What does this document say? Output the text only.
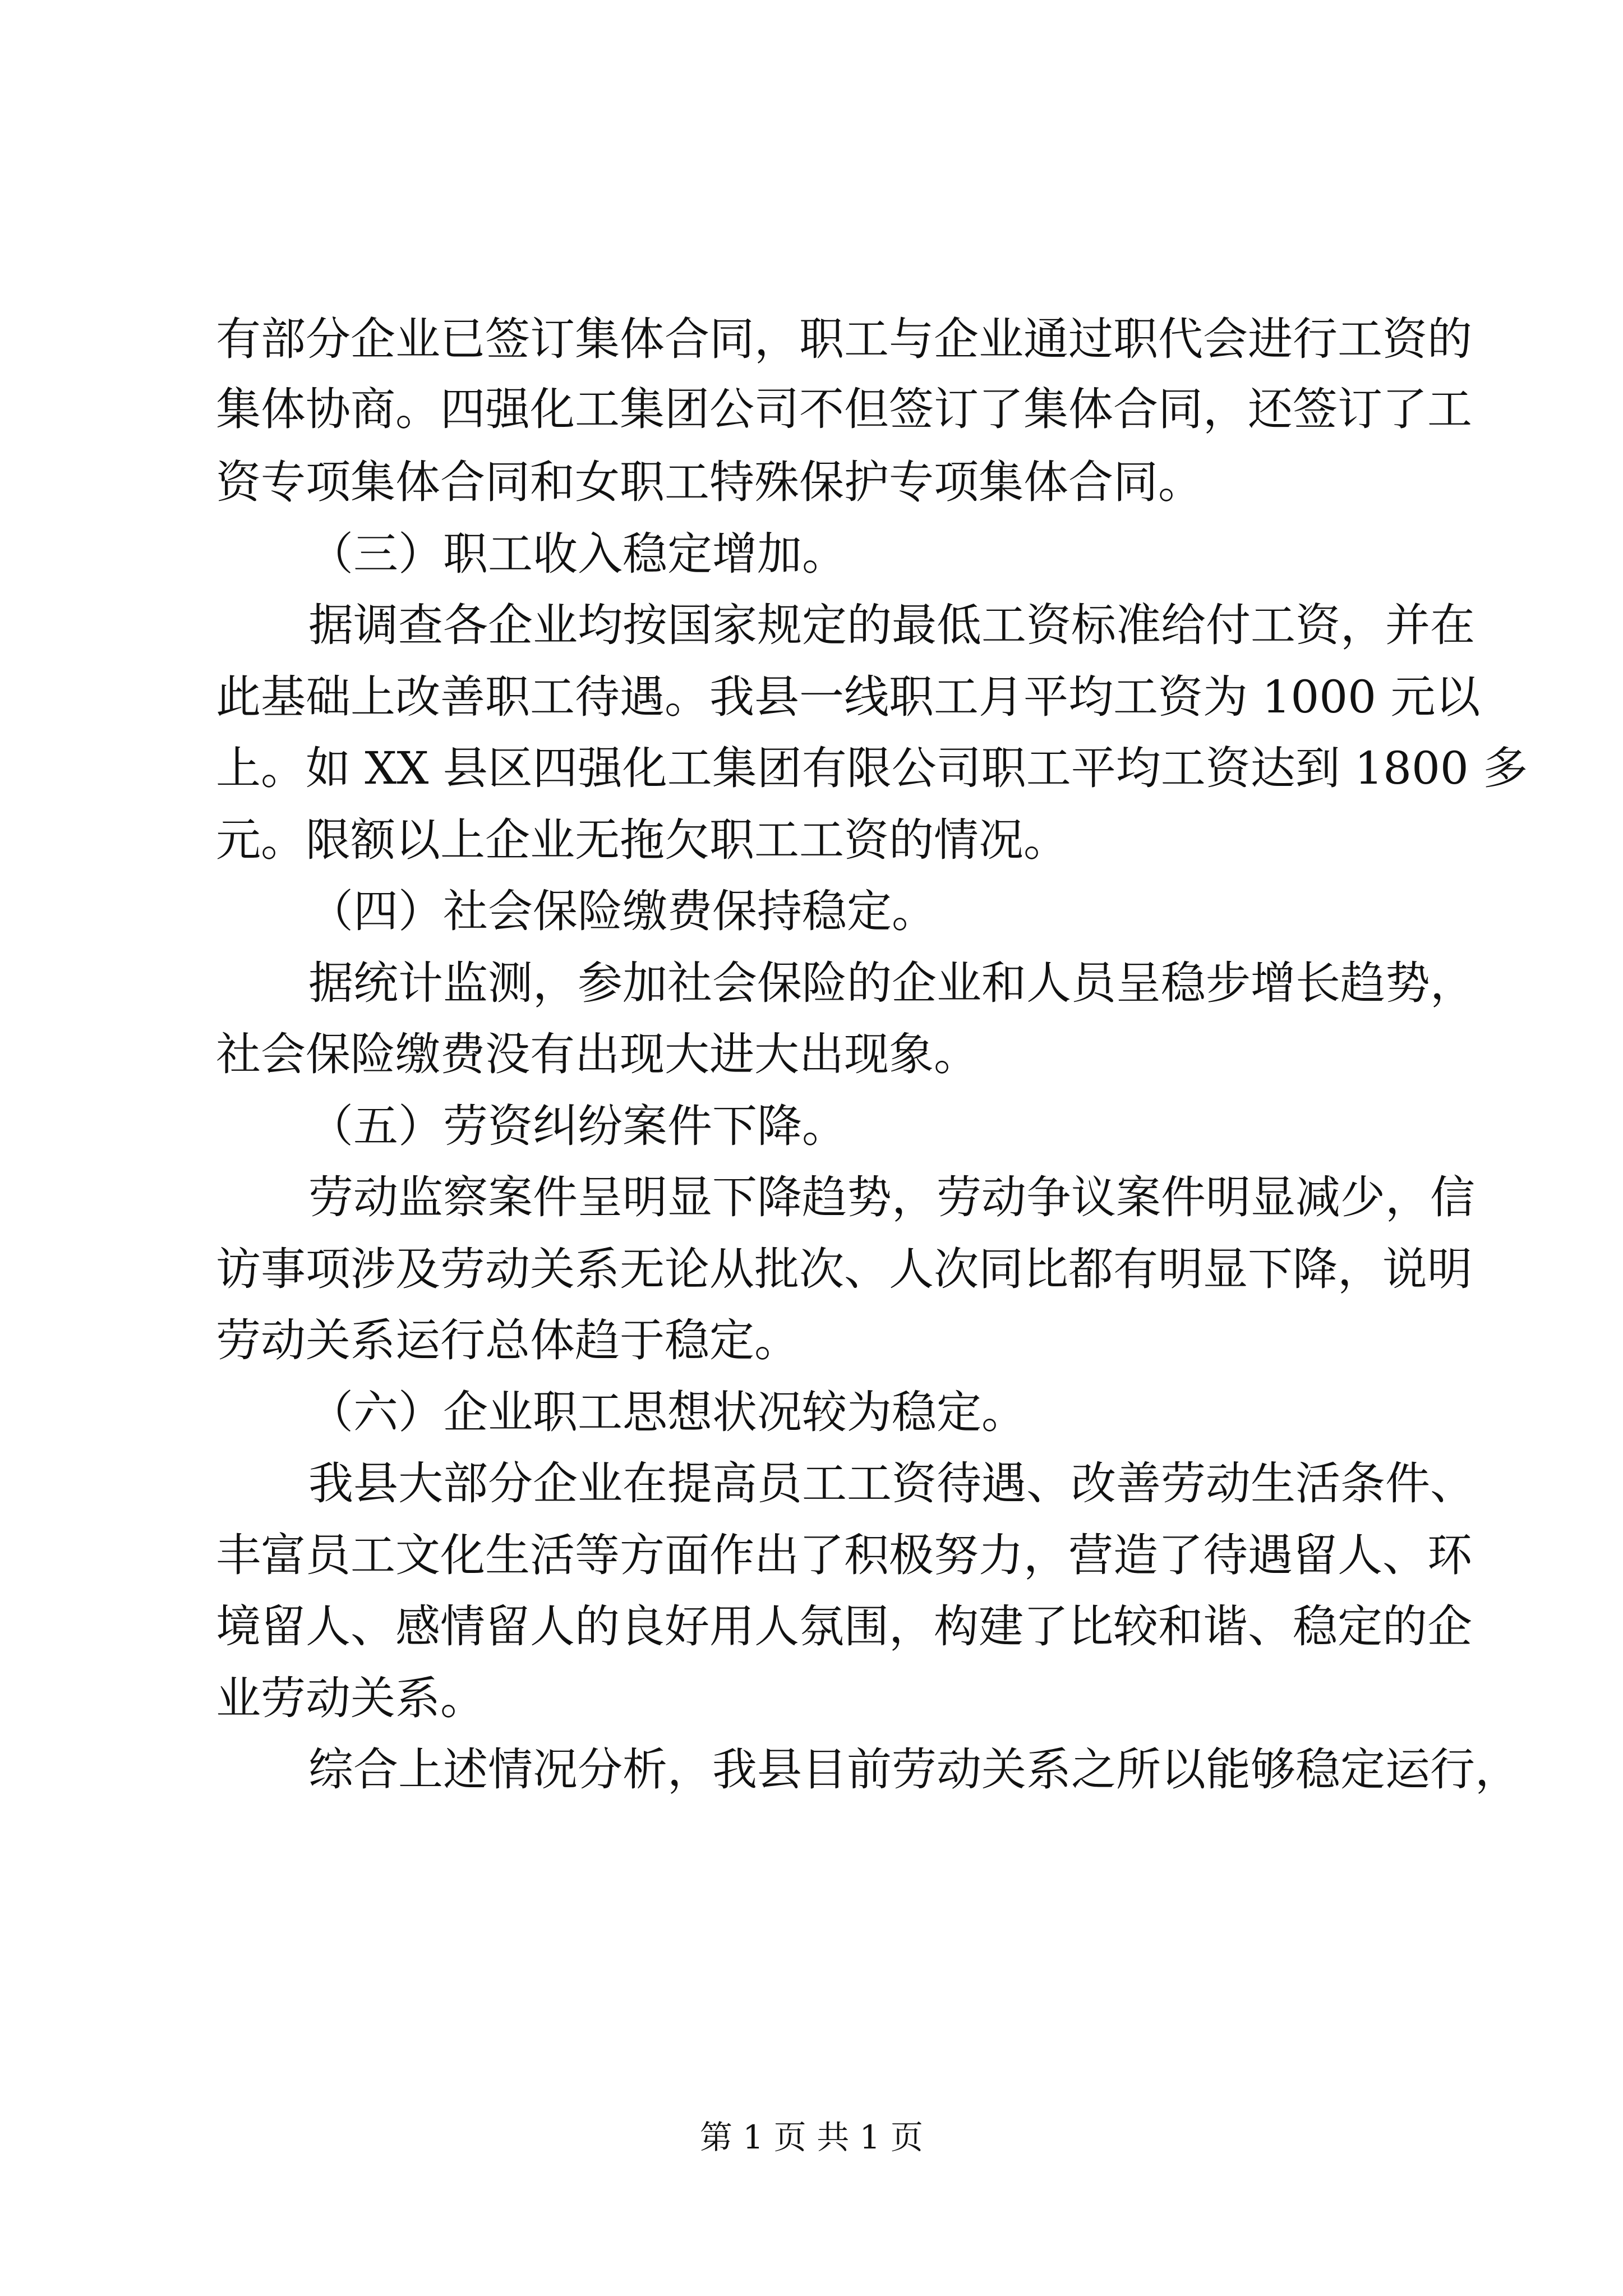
有部分企业已签订集体合同，职工与企业通过职代会进行工资的
集体协商。四强化工集团公司不但签订了集体合同，还签订了工
资专项集体合同和女职工特殊保护专项集体合同。
（三）职工收入稳定增加。
据调查各企业均按国家规定的最低工资标准给付工资，并在
此基础上改善职工待遇。我县一线职工月平均工资为 1000 元以
上。如 XX 县区四强化工集团有限公司职工平均工资达到 1800 多
元。限额以上企业无拖欠职工工资的情况。
（四）社会保险缴费保持稳定。
据统计监测，参加社会保险的企业和人员呈稳步增长趋势，
社会保险缴费没有出现大进大出现象。
（五）劳资纠纷案件下降。
劳动监察案件呈明显下降趋势，劳动争议案件明显减少，信
访事项涉及劳动关系无论从批次、人次同比都有明显下降，说明
劳动关系运行总体趋于稳定。
（六）企业职工思想状况较为稳定。
我县大部分企业在提高员工工资待遇、改善劳动生活条件、
丰富员工文化生活等方面作出了积极努力，营造了待遇留人、环
境留人、感情留人的良好用人氛围，构建了比较和谐、稳定的企
业劳动关系。
综合上述情况分析，我县目前劳动关系之所以能够稳定运行，
第 1 页 共 1 页
